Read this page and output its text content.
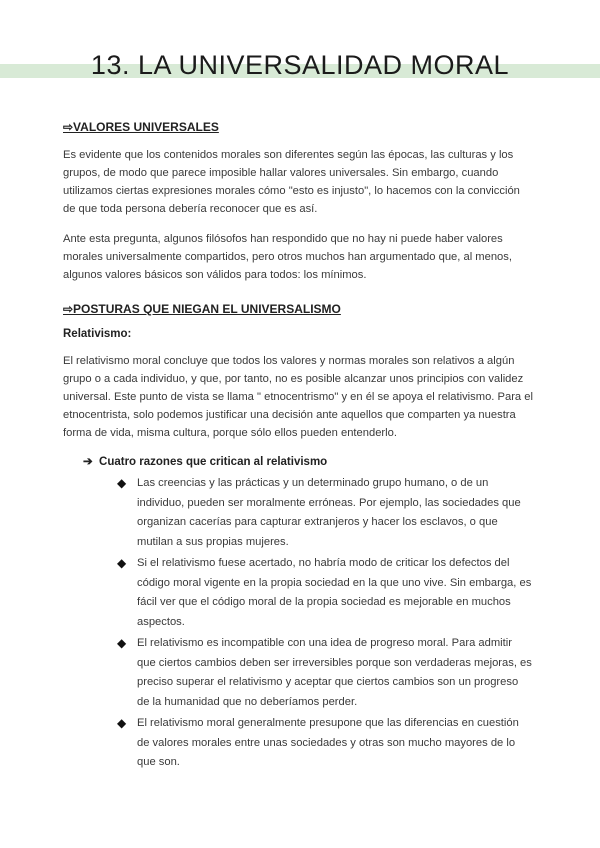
13. LA UNIVERSALIDAD MORAL
⇨VALORES UNIVERSALES

Es evidente que los contenidos morales son diferentes según las épocas, las culturas y los grupos, de modo que parece imposible hallar valores universales. Sin embargo, cuando utilizamos ciertas expresiones morales cómo "esto es injusto", lo hacemos con la convicción de que toda persona debería reconocer que es así.

Ante esta pregunta, algunos filósofos han respondido que no hay ni puede haber valores morales universalmente compartidos, pero otros muchos han argumentado que, al menos, algunos valores básicos son válidos para todos: los mínimos.

⇨POSTURAS QUE NIEGAN EL UNIVERSALISMO
Relativismo:

El relativismo moral concluye que todos los valores y normas morales son relativos a algún grupo o a cada individuo, y que, por tanto, no es posible alcanzar unos principios con validez universal. Este punto de vista se llama " etnocentrismo" y en él se apoya el relativismo. Para el etnocentrista, solo podemos justificar una decisión ante aquellos que comparten ya nuestra forma de vida, misma cultura, porque sólo ellos pueden entenderlo.

➔ Cuatro razones que critican al relativismo
◆ Las creencias y las prácticas y un determinado grupo humano, o de un individuo, pueden ser moralmente erróneas. Por ejemplo, las sociedades que organizan cacerías para capturar extranjeros y hacer los esclavos, o que mutilan a sus propias mujeres.
◆ Si el relativismo fuese acertado, no habría modo de criticar los defectos del código moral vigente en la propia sociedad en la que uno vive. Sin embarga, es fácil ver que el código moral de la propia sociedad es mejorable en muchos aspectos.
◆ El relativismo es incompatible con una idea de progreso moral. Para admitir que ciertos cambios deben ser irreversibles porque son verdaderas mejoras, es preciso superar el relativismo y aceptar que ciertos cambios son un progreso de la humanidad que no deberíamos perder.
◆ El relativismo moral generalmente presupone que las diferencias en cuestión de valores morales entre unas sociedades y otras son mucho mayores de lo que son.
